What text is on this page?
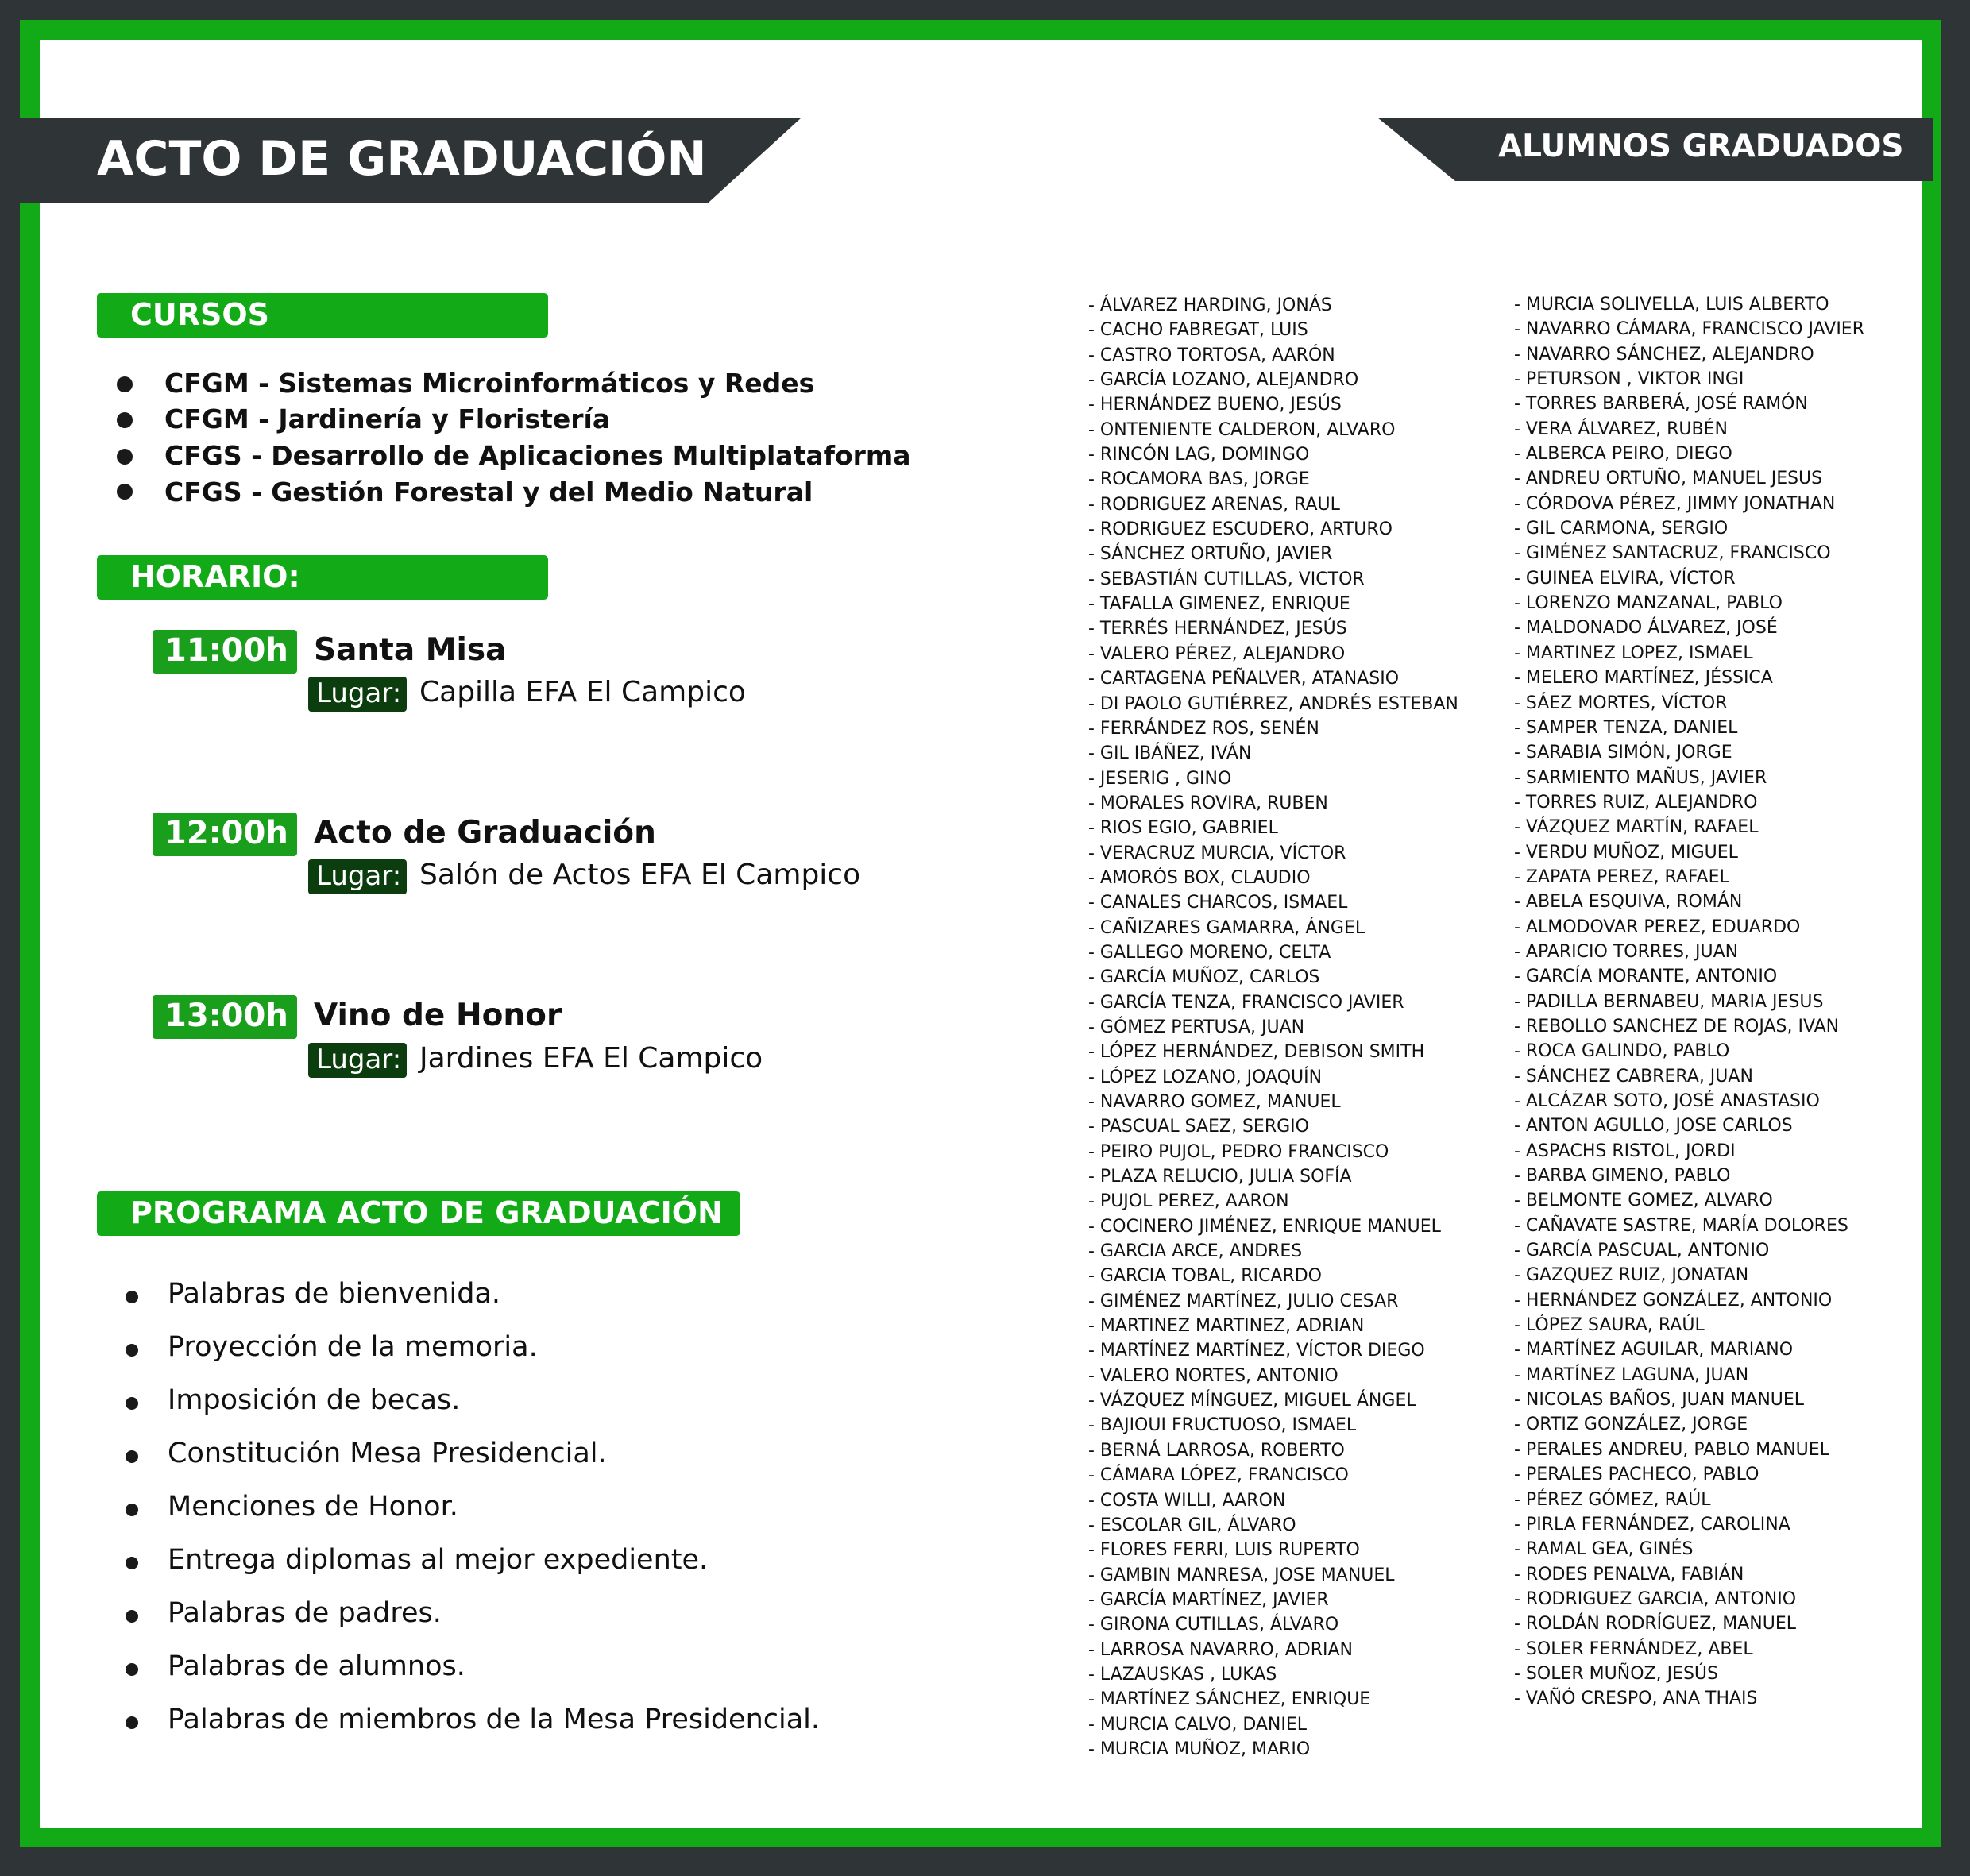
ACTO DE GRADUACIÓN	ALUMNOS GRADUADOS
CURSOS
CFGM - Sistemas Microinformáticos y Redes
CFGM - Jardinería y Floristería
CFGS - Desarrollo de Aplicaciones Multiplataforma
CFGS - Gestión Forestal y del Medio Natural
HORARIO:
11:00h Santa Misa
Lugar: Capilla EFA El Campico
12:00h Acto de Graduación
Lugar: Salón de Actos EFA El Campico
13:00h Vino de Honor
Lugar: Jardines EFA El Campico
PROGRAMA ACTO DE GRADUACIÓN
Palabras de bienvenida.
Proyección de la memoria.
Imposición de becas.
Constitución Mesa Presidencial.
Menciones de Honor.
Entrega diplomas al mejor expediente.
Palabras de padres.
Palabras de alumnos.
Palabras de miembros de la Mesa Presidencial.
- ÁLVAREZ HARDING, JONÁS
- CACHO FABREGAT, LUIS
- CASTRO TORTOSA, AARÓN
- GARCÍA LOZANO, ALEJANDRO
- HERNÁNDEZ BUENO, JESÚS
- ONTENIENTE CALDERON, ALVARO
- RINCÓN LAG, DOMINGO
- ROCAMORA BAS, JORGE
- RODRIGUEZ ARENAS, RAUL
- RODRIGUEZ ESCUDERO, ARTURO
- SÁNCHEZ ORTUÑO, JAVIER
- SEBASTIÁN CUTILLAS, VICTOR
- TAFALLA GIMENEZ, ENRIQUE
- TERRÉS HERNÁNDEZ, JESÚS
- VALERO PÉREZ, ALEJANDRO
- CARTAGENA PEÑALVER, ATANASIO
- DI PAOLO GUTIÉRREZ, ANDRÉS ESTEBAN
- FERRÁNDEZ ROS, SENÉN
- GIL IBÁÑEZ, IVÁN
- JESERIG , GINO
- MORALES ROVIRA, RUBEN
- RIOS EGIO, GABRIEL
- VERACRUZ MURCIA, VÍCTOR
- AMORÓS BOX, CLAUDIO
- CANALES CHARCOS, ISMAEL
- CAÑIZARES GAMARRA, ÁNGEL
- GALLEGO MORENO, CELTA
- GARCÍA MUÑOZ, CARLOS
- GARCÍA TENZA, FRANCISCO JAVIER
- GÓMEZ PERTUSA, JUAN
- LÓPEZ HERNÁNDEZ, DEBISON SMITH
- LÓPEZ LOZANO, JOAQUÍN
- NAVARRO GOMEZ, MANUEL
- PASCUAL SAEZ, SERGIO
- PEIRO PUJOL, PEDRO FRANCISCO
- PLAZA RELUCIO, JULIA SOFÍA
- PUJOL PEREZ, AARON
- COCINERO JIMÉNEZ, ENRIQUE MANUEL
- GARCIA ARCE, ANDRES
- GARCIA TOBAL, RICARDO
- GIMÉNEZ MARTÍNEZ, JULIO CESAR
- MARTINEZ MARTINEZ, ADRIAN
- MARTÍNEZ MARTÍNEZ, VÍCTOR DIEGO
- VALERO NORTES, ANTONIO
- VÁZQUEZ MÍNGUEZ, MIGUEL ÁNGEL
- BAJIOUI FRUCTUOSO, ISMAEL
- BERNÁ LARROSA, ROBERTO
- CÁMARA LÓPEZ, FRANCISCO
- COSTA WILLI, AARON
- ESCOLAR GIL, ÁLVARO
- FLORES FERRI, LUIS RUPERTO
- GAMBIN MANRESA, JOSE MANUEL
- GARCÍA MARTÍNEZ, JAVIER
- GIRONA CUTILLAS, ÁLVARO
- LARROSA NAVARRO, ADRIAN
- LAZAUSKAS , LUKAS
- MARTÍNEZ SÁNCHEZ, ENRIQUE
- MURCIA CALVO, DANIEL
- MURCIA MUÑOZ, MARIO
- MURCIA SOLIVELLA, LUIS ALBERTO
- NAVARRO CÁMARA, FRANCISCO JAVIER
- NAVARRO SÁNCHEZ, ALEJANDRO
- PETURSON , VIKTOR INGI
- TORRES BARBERÁ, JOSÉ RAMÓN
- VERA ÁLVAREZ, RUBÉN
- ALBERCA PEIRO, DIEGO
- ANDREU ORTUÑO, MANUEL JESUS
- CÓRDOVA PÉREZ, JIMMY JONATHAN
- GIL CARMONA, SERGIO
- GIMÉNEZ SANTACRUZ, FRANCISCO
- GUINEA ELVIRA, VÍCTOR
- LORENZO MANZANAL, PABLO
- MALDONADO ÁLVAREZ, JOSÉ
- MARTINEZ LOPEZ, ISMAEL
- MELERO MARTÍNEZ, JÉSSICA
- SÁEZ MORTES, VÍCTOR
- SAMPER TENZA, DANIEL
- SARABIA SIMÓN, JORGE
- SARMIENTO MAÑUS, JAVIER
- TORRES RUIZ, ALEJANDRO
- VÁZQUEZ MARTÍN, RAFAEL
- VERDU MUÑOZ, MIGUEL
- ZAPATA PEREZ, RAFAEL
- ABELA ESQUIVA, ROMÁN
- ALMODOVAR PEREZ, EDUARDO
- APARICIO TORRES, JUAN
- GARCÍA MORANTE, ANTONIO
- PADILLA BERNABEU, MARIA JESUS
- REBOLLO SANCHEZ DE ROJAS, IVAN
- ROCA GALINDO, PABLO
- SÁNCHEZ CABRERA, JUAN
- ALCÁZAR SOTO, JOSÉ ANASTASIO
- ANTON AGULLO, JOSE CARLOS
- ASPACHS RISTOL, JORDI
- BARBA GIMENO, PABLO
- BELMONTE GOMEZ, ALVARO
- CAÑAVATE SASTRE, MARÍA DOLORES
- GARCÍA PASCUAL, ANTONIO
- GAZQUEZ RUIZ, JONATAN
- HERNÁNDEZ GONZÁLEZ, ANTONIO
- LÓPEZ SAURA, RAÚL
- MARTÍNEZ AGUILAR, MARIANO
- MARTÍNEZ LAGUNA, JUAN
- NICOLAS BAÑOS, JUAN MANUEL
- ORTIZ GONZÁLEZ, JORGE
- PERALES ANDREU, PABLO MANUEL
- PERALES PACHECO, PABLO
- PÉREZ GÓMEZ, RAÚL
- PIRLA FERNÁNDEZ, CAROLINA
- RAMAL GEA, GINÉS
- RODES PENALVA, FABIÁN
- RODRIGUEZ GARCIA, ANTONIO
- ROLDÁN RODRÍGUEZ, MANUEL
- SOLER FERNÁNDEZ, ABEL
- SOLER MUÑOZ, JESÚS
- VAÑÓ CRESPO, ANA THAIS
